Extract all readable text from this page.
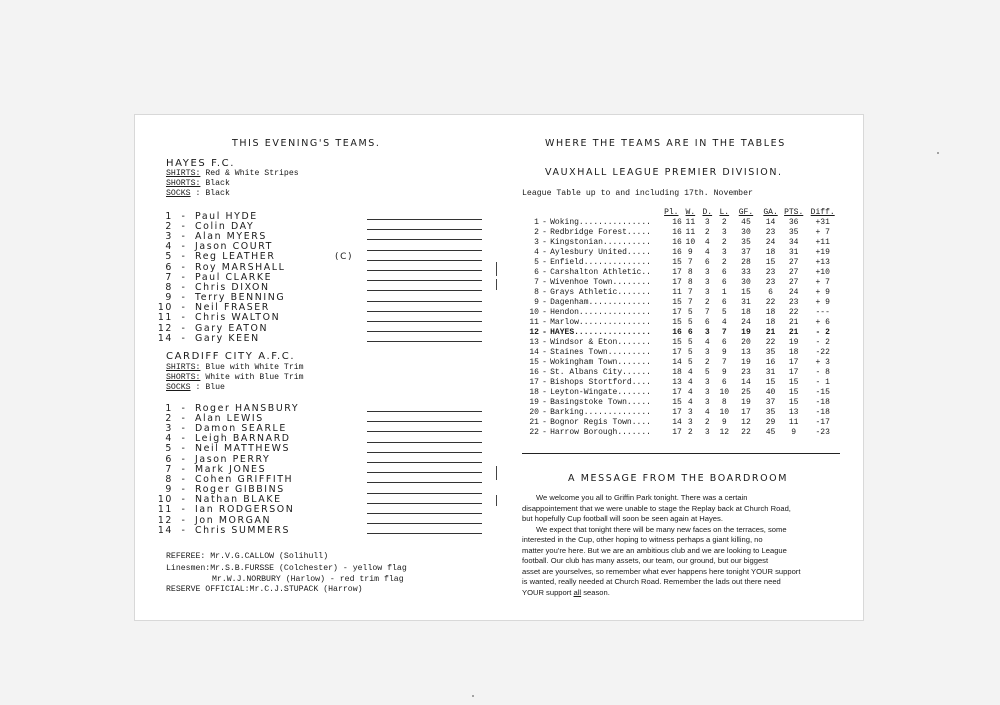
THIS EVENING'S TEAMS.
HAYES F.C.
SHIRTS: Red & White Stripes
SHORTS: Black
SOCKS : Black
1 - Paul HYDE
2 - Colin DAY
3 - Alan MYERS
4 - Jason COURT
5 - Reg LEATHER	(C)
6 - Roy MARSHALL
7 - Paul CLARKE
8 - Chris DIXON
9 - Terry BENNING
10 - Neil FRASER
11 - Chris WALTON
12 - Gary EATON
14 - Gary KEEN
CARDIFF CITY A.F.C.
SHIRTS: Blue with White Trim
SHORTS: White with Blue Trim
SOCKS : Blue
1 - Roger HANSBURY
2 - Alan LEWIS
3 - Damon SEARLE
4 - Leigh BARNARD
5 - Neil MATTHEWS
6 - Jason PERRY
7 - Mark JONES
8 - Cohen GRIFFITH
9 - Roger GIBBINS
10 - Nathan BLAKE
11 - Ian RODGERSON
12 - Jon MORGAN
14 - Chris SUMMERS
REFEREE: Mr.V.G.CALLOW (Solihull)
Linesmen:Mr.S.B.FURSSE (Colchester) - yellow flag
Mr.W.J.NORBURY (Harlow) - red trim flag
RESERVE OFFICIAL:Mr.C.J.STUPACK (Harrow)
WHERE THE TEAMS ARE IN THE TABLES
VAUXHALL LEAGUE PREMIER DIVISION.
League Table up to and including 17th. November
			Pl.	W.	D.	L.	GF.	GA.	PTS.	Diff.
1	-	Woking...............	16	11	3	2	45	14	36	+31
2	-	Redbridge Forest.....	16	11	2	3	30	23	35	+ 7
3	-	Kingstonian..........	16	10	4	2	35	24	34	+11
4	-	Aylesbury United.....	16	9	4	3	37	18	31	+19
5	-	Enfield..............	15	7	6	2	28	15	27	+13
6	-	Carshalton Athletic..	17	8	3	6	33	23	27	+10
7	-	Wivenhoe Town........	17	8	3	6	30	23	27	+ 7
8	-	Grays Athletic.......	11	7	3	1	15	6	24	+ 9
9	-	Dagenham.............	15	7	2	6	31	22	23	+ 9
10	-	Hendon...............	17	5	7	5	18	18	22	---
11	-	Marlow...............	15	5	6	4	24	18	21	+ 6
12	-	HAYES................	16	6	3	7	19	21	21	- 2
13	-	Windsor & Eton.......	15	5	4	6	20	22	19	- 2
14	-	Staines Town.........	17	5	3	9	13	35	18	-22
15	-	Wokingham Town.......	14	5	2	7	19	16	17	+ 3
16	-	St. Albans City......	18	4	5	9	23	31	17	- 8
17	-	Bishops Stortford....	13	4	3	6	14	15	15	- 1
18	-	Leyton-Wingate.......	17	4	3	10	25	40	15	-15
19	-	Basingstoke Town.....	15	4	3	8	19	37	15	-18
20	-	Barking..............	17	3	4	10	17	35	13	-18
21	-	Bognor Regis Town....	14	3	2	9	12	29	11	-17
22	-	Harrow Borough.......	17	2	3	12	22	45	9	-23
A MESSAGE FROM THE BOARDROOM
We welcome you all to Griffin Park tonight. There was a certain
disappointement that we were unable to stage the Replay back at Church Road,
but hopefully Cup football will soon be seen again at Hayes.
We expect that tonight there will be many new faces on the terraces, some
interested in the Cup, other hoping to witness perhaps a giant killing, no
matter you're here. But we are an ambitious club and we are looking to League
football. Our club has many assets, our team, our ground, but our biggest
asset are yourselves, so remember what ever happens here tonight YOUR support
is wanted, really needed at Church Road. Remember the lads out there need
YOUR support all season.
